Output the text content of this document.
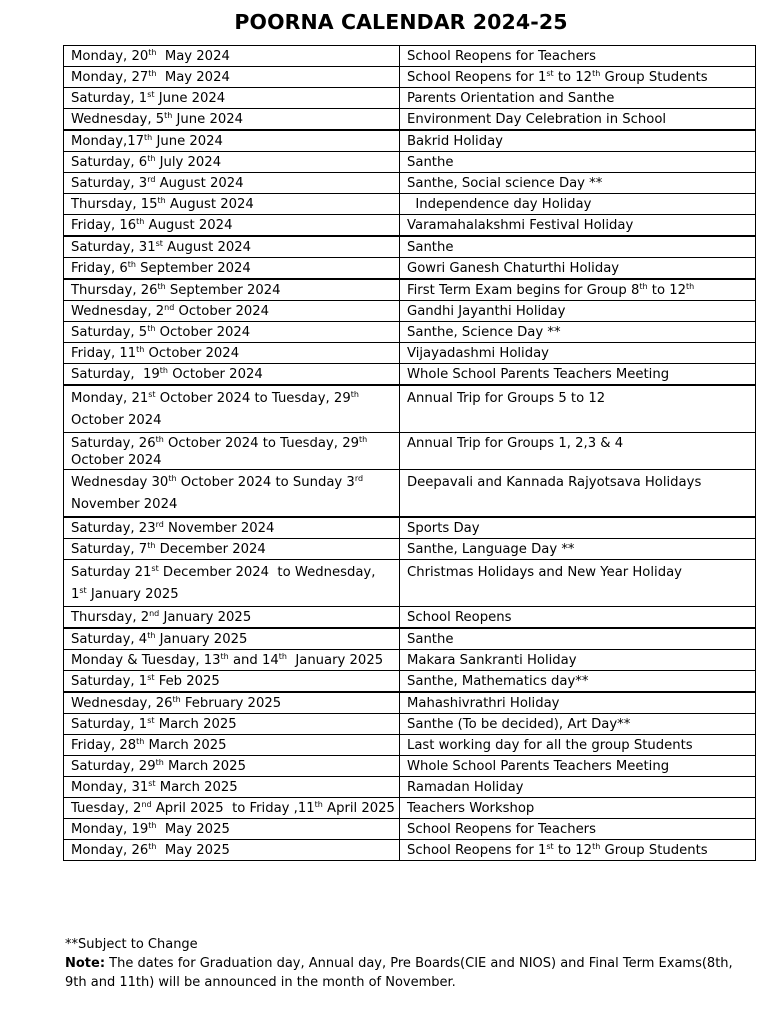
POORNA CALENDAR 2024-25
Monday, 20th  May 2024	School Reopens for Teachers
Monday, 27th  May 2024	School Reopens for 1st to 12th Group Students
Saturday, 1st June 2024	Parents Orientation and Santhe
Wednesday, 5th June 2024	Environment Day Celebration in School
Monday,17th June 2024	Bakrid Holiday
Saturday, 6th July 2024	Santhe
Saturday, 3rd August 2024	Santhe, Social science Day **
Thursday, 15th August 2024	Independence day Holiday
Friday, 16th August 2024	Varamahalakshmi Festival Holiday
Saturday, 31st August 2024	Santhe
Friday, 6th September 2024	Gowri Ganesh Chaturthi Holiday
Thursday, 26th September 2024	First Term Exam begins for Group 8th to 12th
Wednesday, 2nd October 2024	Gandhi Jayanthi Holiday
Saturday, 5th October 2024	Santhe, Science Day **
Friday, 11th October 2024	Vijayadashmi Holiday
Saturday,  19th October 2024	Whole School Parents Teachers Meeting
Monday, 21st October 2024 to Tuesday, 29th
October 2024	Annual Trip for Groups 5 to 12
Saturday, 26th October 2024 to Tuesday, 29th
October 2024	Annual Trip for Groups 1, 2,3 & 4
Wednesday 30th October 2024 to Sunday 3rd
November 2024	Deepavali and Kannada Rajyotsava Holidays
Saturday, 23rd November 2024	Sports Day
Saturday, 7th December 2024	Santhe, Language Day **
Saturday 21st December 2024  to Wednesday,
1st January 2025	Christmas Holidays and New Year Holiday
Thursday, 2nd January 2025	School Reopens
Saturday, 4th January 2025	Santhe
Monday & Tuesday, 13th and 14th  January 2025	Makara Sankranti Holiday
Saturday, 1st Feb 2025	Santhe, Mathematics day**
Wednesday, 26th February 2025	Mahashivrathri Holiday
Saturday, 1st March 2025	Santhe (To be decided), Art Day**
Friday, 28th March 2025	Last working day for all the group Students
Saturday, 29th March 2025	Whole School Parents Teachers Meeting
Monday, 31st March 2025	Ramadan Holiday
Tuesday, 2nd April 2025  to Friday ,11th April 2025	Teachers Workshop
Monday, 19th  May 2025	School Reopens for Teachers
Monday, 26th  May 2025	School Reopens for 1st to 12th Group Students
**Subject to Change
Note: The dates for Graduation day, Annual day, Pre Boards(CIE and NIOS) and Final Term Exams(8th, 9th and 11th) will be announced in the month of November.
